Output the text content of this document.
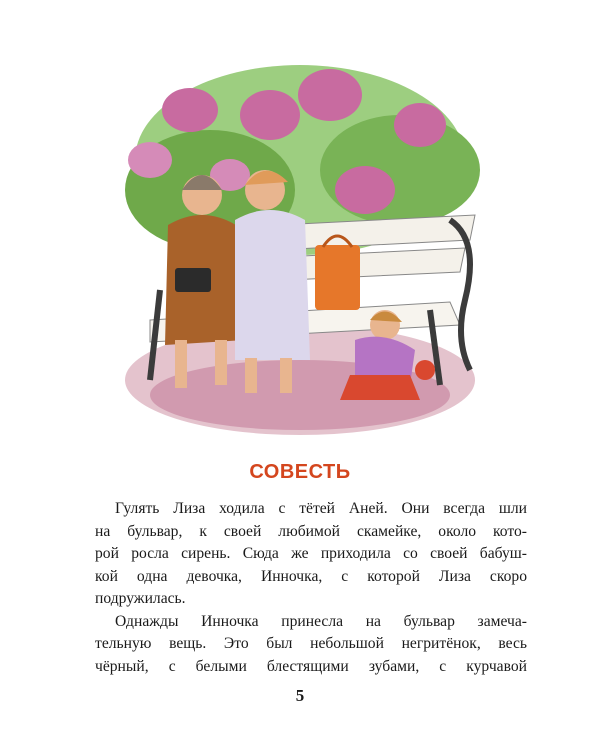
СОВЕСТЬ
Гулять Лиза ходила с тётей Аней. Они всегда шли
на бульвар, к своей любимой скамейке, около кото-
рой росла сирень. Сюда же приходила со своей бабуш-
кой одна девочка, Инночка, с которой Лиза скоро
подружилась.
Однажды Инночка принесла на бульвар замеча-
тельную вещь. Это был небольшой негритёнок, весь
чёрный, с белыми блестящими зубами, с курчавой
5
